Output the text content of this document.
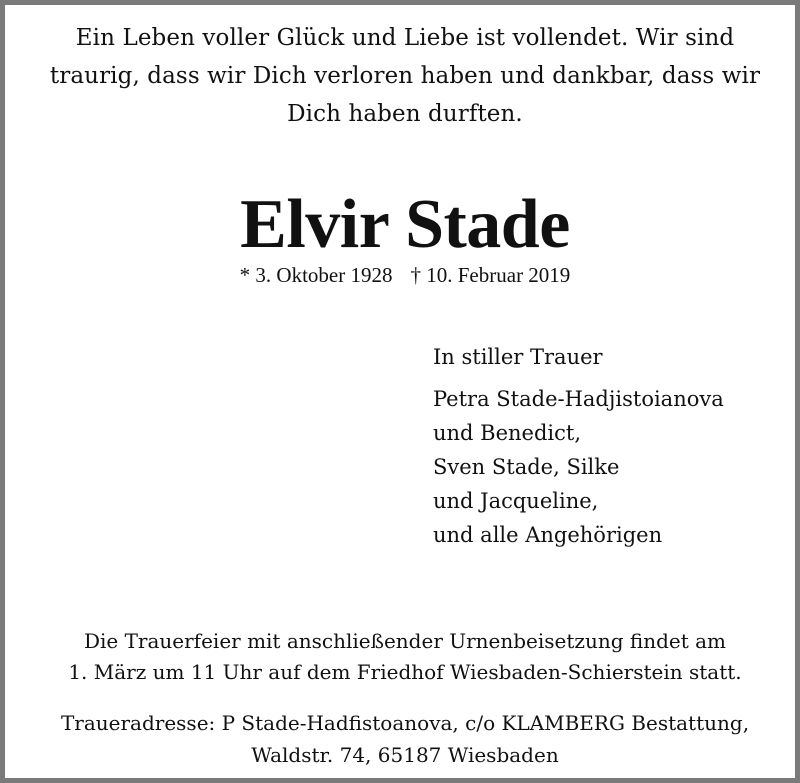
Ein Leben voller Glück und Liebe ist vollendet. Wir sind
traurig, dass wir Dich verloren haben und dankbar, dass wir
Dich haben durften.
Elvir Stade
* 3. Oktober 1928 † 10. Februar 2019
In stiller Trauer
Petra Stade-Hadjistoianova
und Benedict,
Sven Stade, Silke
und Jacqueline,
und alle Angehörigen
Die Trauerfeier mit anschließender Urnenbeisetzung findet am
1. März um 11 Uhr auf dem Friedhof Wiesbaden-Schierstein statt.
Traueradresse: P Stade-Hadfistoanova, c/o KLAMBERG Bestattung,
Waldstr. 74, 65187 Wiesbaden
